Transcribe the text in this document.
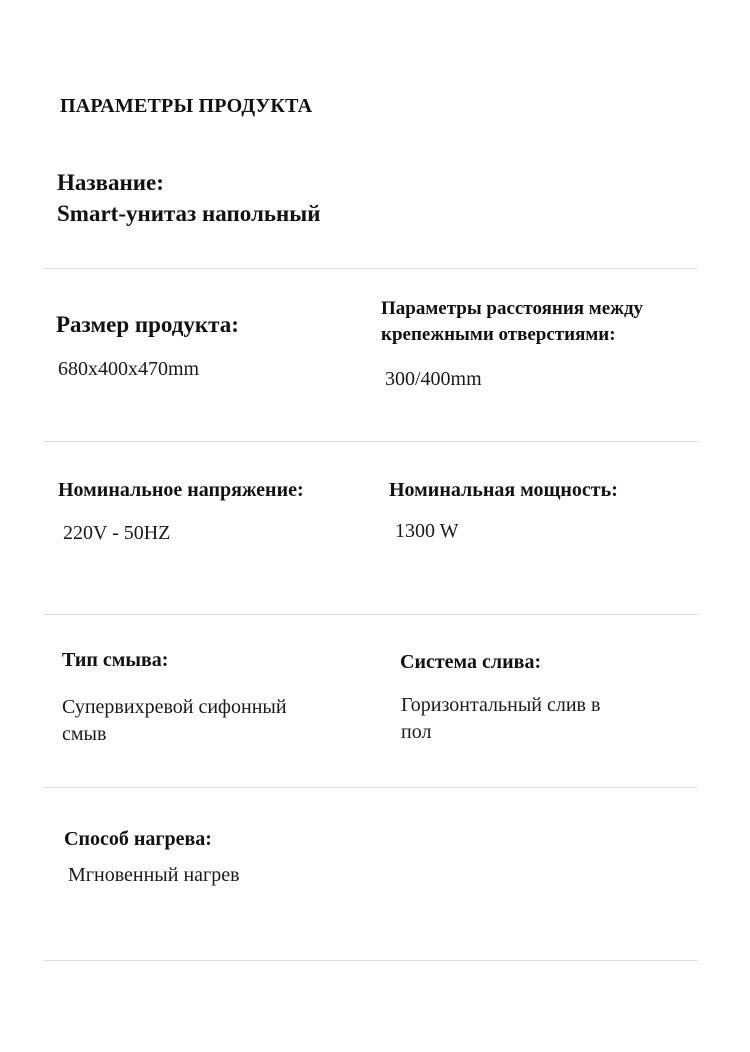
ПАРАМЕТРЫ ПРОДУКТА
Название:
Smart-унитаз напольный
Размер продукта:
680x400x470mm
Параметры расстояния между
крепежными отверстиями:
300/400mm
Номинальное напряжение:
220V - 50HZ
Номинальная мощность:
1300 W
Тип смыва:
Супервихревой сифонный
смыв
Система слива:
Горизонтальный слив в
пол
Способ нагрева:
Мгновенный нагрев
